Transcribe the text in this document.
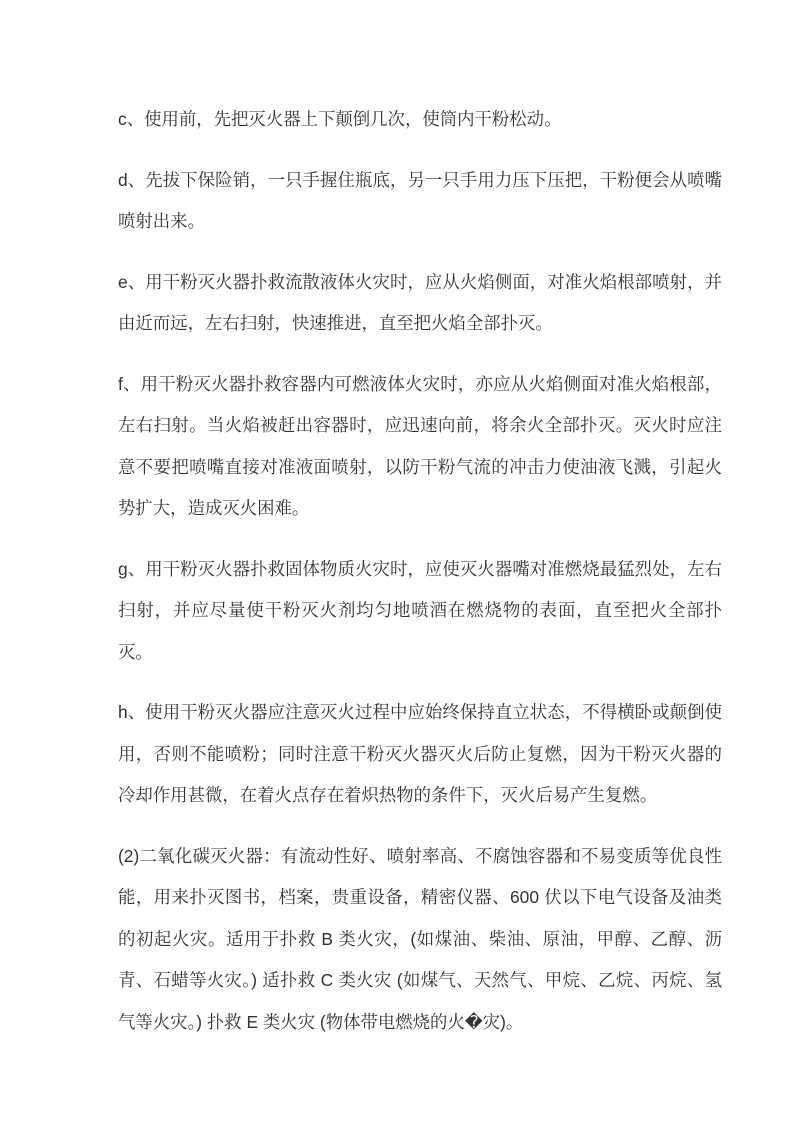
c、使用前，先把灭火器上下颠倒几次，使筒内干粉松动。

d、先拔下保险销，一只手握住瓶底，另一只手用力压下压把，干粉便会从喷嘴喷射出来。

e、用干粉灭火器扑救流散液体火灾时，应从火焰侧面，对准火焰根部喷射，并由近而远，左右扫射，快速推进，直至把火焰全部扑灭。

f、用干粉灭火器扑救容器内可燃液体火灾时，亦应从火焰侧面对准火焰根部，左右扫射。当火焰被赶出容器时，应迅速向前，将余火全部扑灭。灭火时应注意不要把喷嘴直接对准液面喷射，以防干粉气流的冲击力使油液飞溅，引起火势扩大，造成灭火困难。

g、用干粉灭火器扑救固体物质火灾时，应使灭火器嘴对准燃烧最猛烈处，左右扫射，并应尽量使干粉灭火剂均匀地喷酒在燃烧物的表面，直至把火全部扑灭。

h、使用干粉灭火器应注意灭火过程中应始终保持直立状态，不得横卧或颠倒使用，否则不能喷粉；同时注意干粉灭火器灭火后防止复燃，因为干粉灭火器的冷却作用甚微，在着火点存在着炽热物的条件下，灭火后易产生复燃。

(2)二氧化碳灭火器：有流动性好、喷射率高、不腐蚀容器和不易变质等优良性能，用来扑灭图书，档案，贵重设备，精密仪器、600 伏以下电气设备及油类的初起火灾。适用于扑救 B 类火灾，(如煤油、柴油、原油，甲醇、乙醇、沥青、石蜡等火灾。) 适扑救 C 类火灾 (如煤气、天然气、甲烷、乙烷、丙烷、氢气等火灾。) 扑救 E 类火灾 (物体带电燃烧的火�灾)。
